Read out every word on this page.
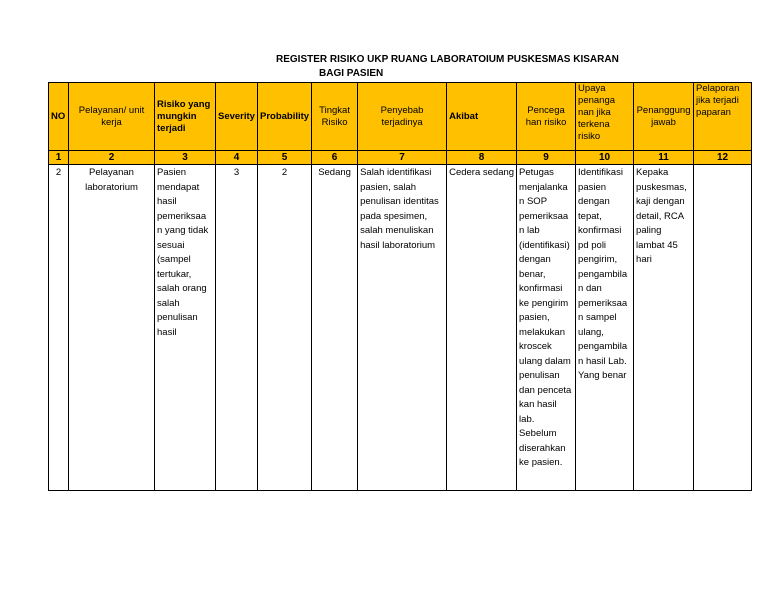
REGISTER RISIKO UKP RUANG LABORATOIUM PUSKESMAS KISARAN
BAGI PASIEN
NO	Pelayanan/ unit kerja	Risiko yang mungkin terjadi	Severity	Probability	Tingkat Risiko	Penyebab terjadinya	Akibat	Pencega han risiko	Upaya penanga nan jika terkena risiko	Penanggung jawab	Pelaporan jika terjadi paparan
1	2	3	4	5	6	7	8	9	10	11	12
2	Pelayanan laboratorium	Pasien mendapat hasil pemeriksaa n yang tidak sesuai (sampel tertukar, salah orang salah penulisan hasil	3	2	Sedang	Salah identifikasi pasien, salah penulisan identitas pada spesimen, salah menuliskan hasil laboratorium	Cedera sedang	Petugas menjalanka n SOP pemeriksaa n lab (identifikasi) dengan benar, konfirmasi ke pengirim pasien, melakukan kroscek ulang dalam penulisan dan penceta kan hasil lab. Sebelum diserahkan ke pasien.	Identifikasi pasien dengan tepat, konfirmasi pd poli pengirim, pengambila n dan pemeriksaa n sampel ulang, pengambila n hasil Lab. Yang benar	Kepaka puskesmas, kaji dengan detail, RCA paling lambat 45 hari	
